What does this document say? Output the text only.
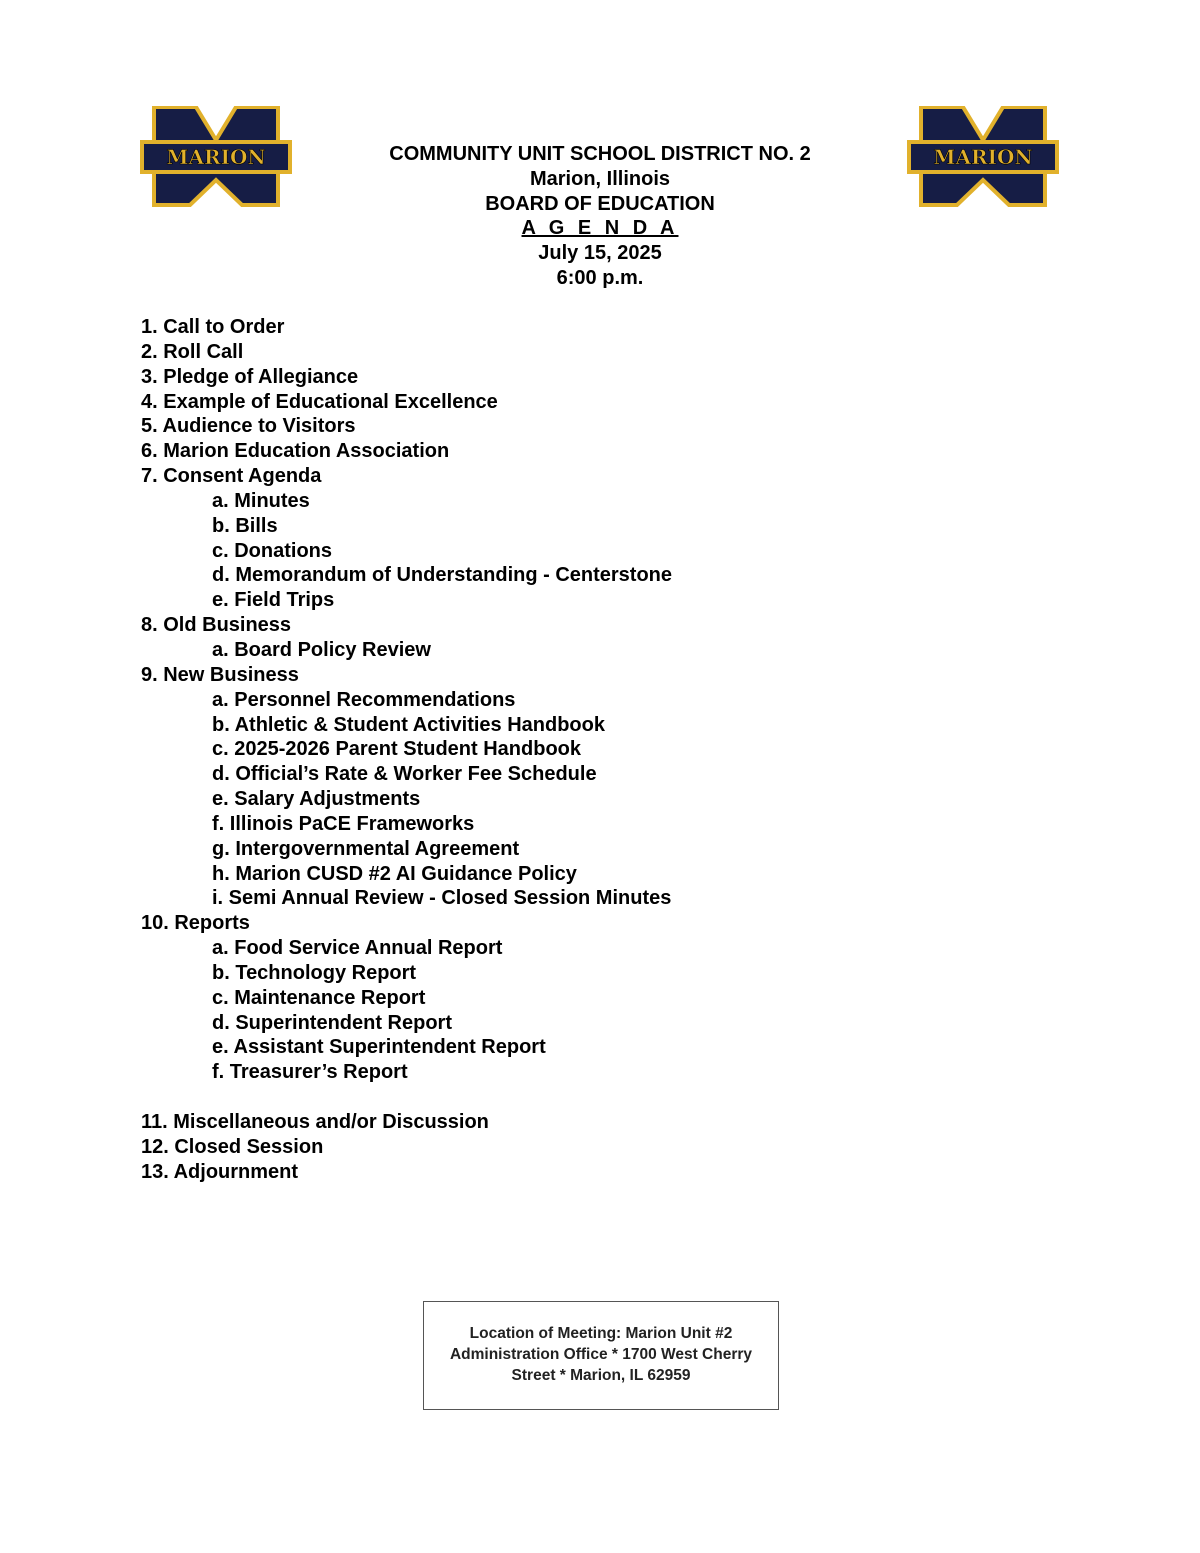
MARION	MARION
COMMUNITY UNIT SCHOOL DISTRICT NO. 2
Marion, Illinois
BOARD OF EDUCATION
A G E N D A
July 15, 2025
6:00 p.m.
1. Call to Order
2. Roll Call
3. Pledge of Allegiance
4. Example of Educational Excellence
5. Audience to Visitors
6. Marion Education Association
7. Consent Agenda
a. Minutes
b. Bills
c. Donations
d. Memorandum of Understanding - Centerstone
e. Field Trips
8. Old Business
a. Board Policy Review
9. New Business
a. Personnel Recommendations
b. Athletic & Student Activities Handbook
c. 2025-2026 Parent Student Handbook
d. Official’s Rate & Worker Fee Schedule
e. Salary Adjustments
f. Illinois PaCE Frameworks
g. Intergovernmental Agreement
h. Marion CUSD #2 AI Guidance Policy
i. Semi Annual Review - Closed Session Minutes
10. Reports
a. Food Service Annual Report
b. Technology Report
c. Maintenance Report
d. Superintendent Report
e. Assistant Superintendent Report
f. Treasurer’s Report
11. Miscellaneous and/or Discussion
12. Closed Session
13. Adjournment
Location of Meeting: Marion Unit #2
Administration Office * 1700 West Cherry
Street * Marion, IL 62959
